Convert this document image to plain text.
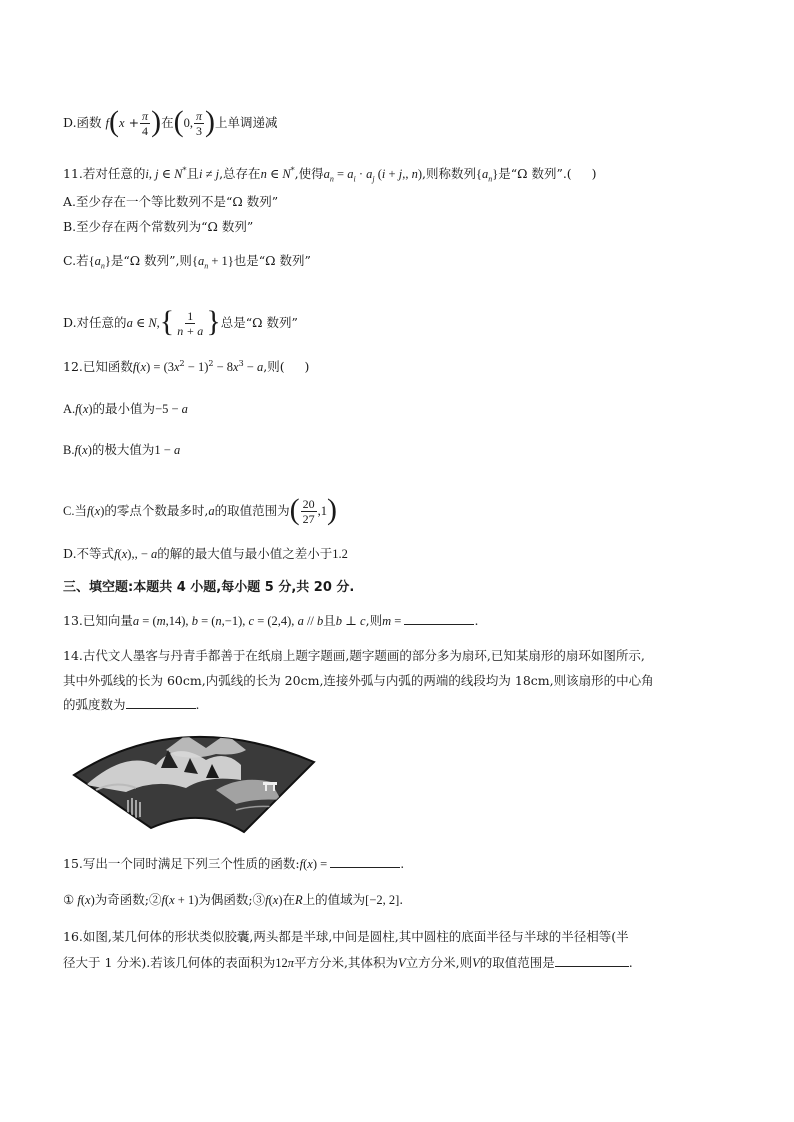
D.函数 $f(x + \frac{\pi}{4}$ )在(0, $\frac{\pi}{3}$ )上单调递减
11.若对任意的i, j ∈ N*且i ≠ j,总存在n ∈ N*,使得$a_n = a_i \cdot a_j$ (i + j,, n),则称数列$\{a_n\}$是“Ω 数列”.( )
A.至少存在一个等比数列不是“Ω 数列”
B.至少存在两个常数列为“Ω 数列”
C.若$\{a_n\}$是“Ω 数列”,则$\{a_n + 1\}$也是“Ω 数列”
D.对任意的a ∈ $N,\{ \frac{1}{n + a}$ }总是“Ω 数列”
12.已知函数$f(x) = (3x^2 - 1)^2 - 8x^3 - a$,则( )
A.f(x)的最小值为−5 − a
B.f(x)的极大值为1 − a
C.当f(x)的零点个数最多时,a的取值范围为( $\frac{20}{27} ,1$)
D.不等式f(x),, − a的解的最大值与最小值之差小于1.2
三、填空题:本题共 4 小题,每小题 5 分,共 20 分.
13.已知向量a = (m,14), b = (n,−1), c = (2,4), a // b且b ⊥ c,则m =	.
14.古代文人墨客与丹青手都善于在纸扇上题字题画,题字题画的部分多为扇环,已知某扇形的扇环如图所示,
其中外弧线的长为 60cm,内弧线的长为 20cm,连接外弧与内弧的两端的线段均为 18cm,则该扇形的中心角
的弧度数为	.
15.写出一个同时满足下列三个性质的函数:f(x) =	.
① f(x)为奇函数;②f(x + 1)为偶函数;③f(x)在R上的值域为[−2, 2].
16.如图,某几何体的形状类似胶囊,两头都是半球,中间是圆柱,其中圆柱的底面半径与半球的半径相等(半
径大于 1 分米).若该几何体的表面积为12π平方分米,其体积为V立方分米,则V的取值范围是	.
